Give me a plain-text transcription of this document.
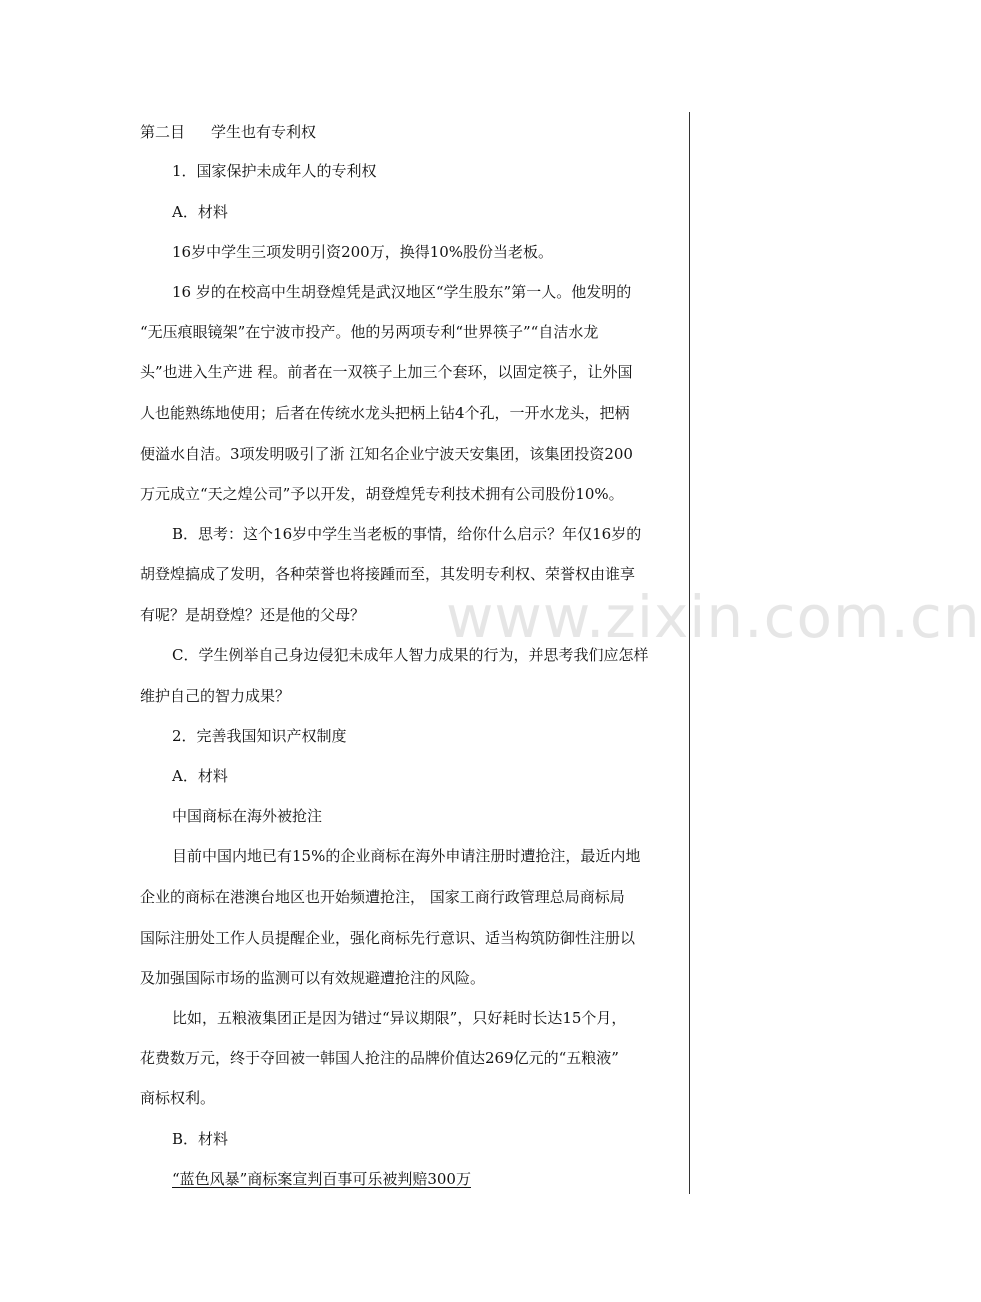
www.zixin.com.cn
第二目 学生也有专利权
1．国家保护未成年人的专利权
A．材料
16岁中学生三项发明引资200万，换得10%股份当老板。
16 岁的在校高中生胡登煌凭是武汉地区“学生股东”第一人。他发明的
“无压痕眼镜架”在宁波市投产。他的另两项专利“世界筷子”“自洁水龙
头”也进入生产进 程。前者在一双筷子上加三个套环，以固定筷子，让外国
人也能熟练地使用；后者在传统水龙头把柄上钻4个孔，一开水龙头，把柄
便溢水自洁。3项发明吸引了浙 江知名企业宁波天安集团，该集团投资200
万元成立“天之煌公司”予以开发，胡登煌凭专利技术拥有公司股份10%。
B．思考：这个16岁中学生当老板的事情，给你什么启示？年仅16岁的
胡登煌搞成了发明，各种荣誉也将接踵而至，其发明专利权、荣誉权由谁享
有呢？是胡登煌？还是他的父母？
C．学生例举自己身边侵犯未成年人智力成果的行为，并思考我们应怎样
维护自己的智力成果？
2．完善我国知识产权制度
A．材料
中国商标在海外被抢注
目前中国内地已有15%的企业商标在海外申请注册时遭抢注，最近内地
企业的商标在港澳台地区也开始频遭抢注， 国家工商行政管理总局商标局
国际注册处工作人员提醒企业，强化商标先行意识、适当构筑防御性注册以
及加强国际市场的监测可以有效规避遭抢注的风险。
比如，五粮液集团正是因为错过“异议期限”，只好耗时长达15个月，
花费数万元，终于夺回被一韩国人抢注的品牌价值达269亿元的“五粮液”
商标权利。
B．材料
“蓝色风暴”商标案宣判百事可乐被判赔300万
